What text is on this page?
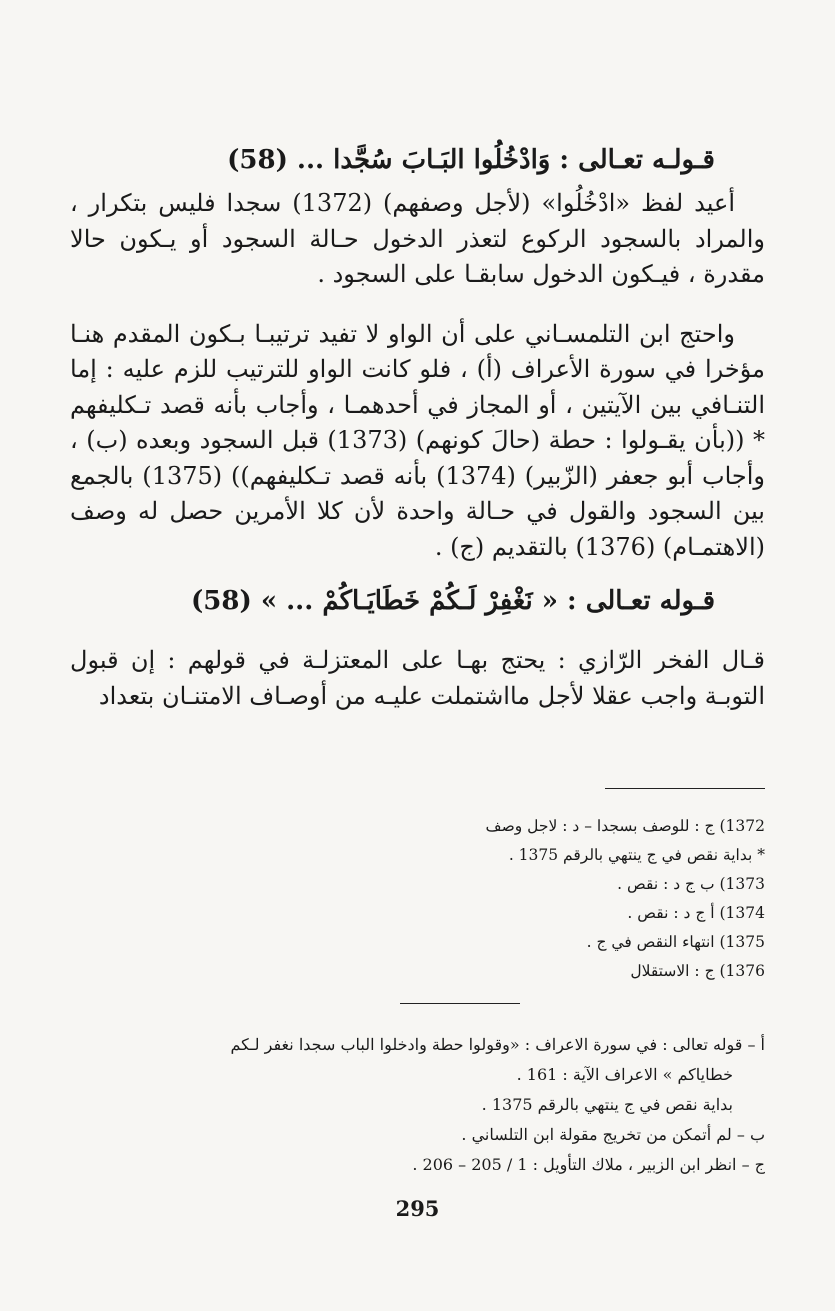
قـولـه تعـالى : وَادْخُلُوا البَـابَ سُجَّدا ... (58)

أعيد لفظ «ادْخُلُوا» (لأجل وصفهم) (1372) سجدا فليس بتكرار ، والمراد بالسجود الركوع لتعذر الدخول حـالة السجود أو يـكون حالا مقدرة ، فيـكون الدخول سابقـا على السجود .

واحتج ابن التلمسـاني على أن الواو لا تفيد ترتيبـا بـكون المقدم هنـا مؤخرا في سورة الأعراف (أ) ، فلو كانت الواو للترتيب للزم عليه : إما التنـافي بين الآيتين ، أو المجاز في أحدهمـا ، وأجاب بأنه قصد تـكليفهم * ((بأن يقـولوا : حطة (حالَ كونهم) (1373) قبل السجود وبعده (ب) ، وأجاب أبو جعفر (الزّبير) (1374) بأنه قصد تـكليفهم)) (1375) بالجمع بين السجود والقول في حـالة واحدة لأن كلا الأمرين حصل له وصف (الاهتمـام) (1376) بالتقديم (ج) .

قـوله تعـالى : « نَغْفِرْ لَـكُمْ خَطَايَـاكُمْ ... » (58)

قـال الفخر الرّازي : يحتج بهـا على المعتزلـة في قولهم : إن قبول التوبـة واجب عقلا لأجل مااشتملت عليـه من أوصـاف الامتنـان بتعداد

1372) ج : للوصف بسجدا – د : لاجل وصف
* بداية نقص في ج ينتهي بالرقم 1375 .
1373) ب ج د : نقص .
1374) أ ج د : نقص .
1375) انتهاء النقص في ج .
1376) ج : الاستقلال
أ – قوله تعالى : في سورة الاعراف : «وقولوا حطة وادخلوا الباب سجدا نغفر لـكم
خطاياكم » الاعراف الآية : 161 .
بداية نقص في ج ينتهي بالرقم 1375 .
ب – لم أتمكن من تخريج مقولة ابن التلساني .
ج – انظر ابن الزبير ، ملاك التأويل : 1 / 205 – 206 .
295
